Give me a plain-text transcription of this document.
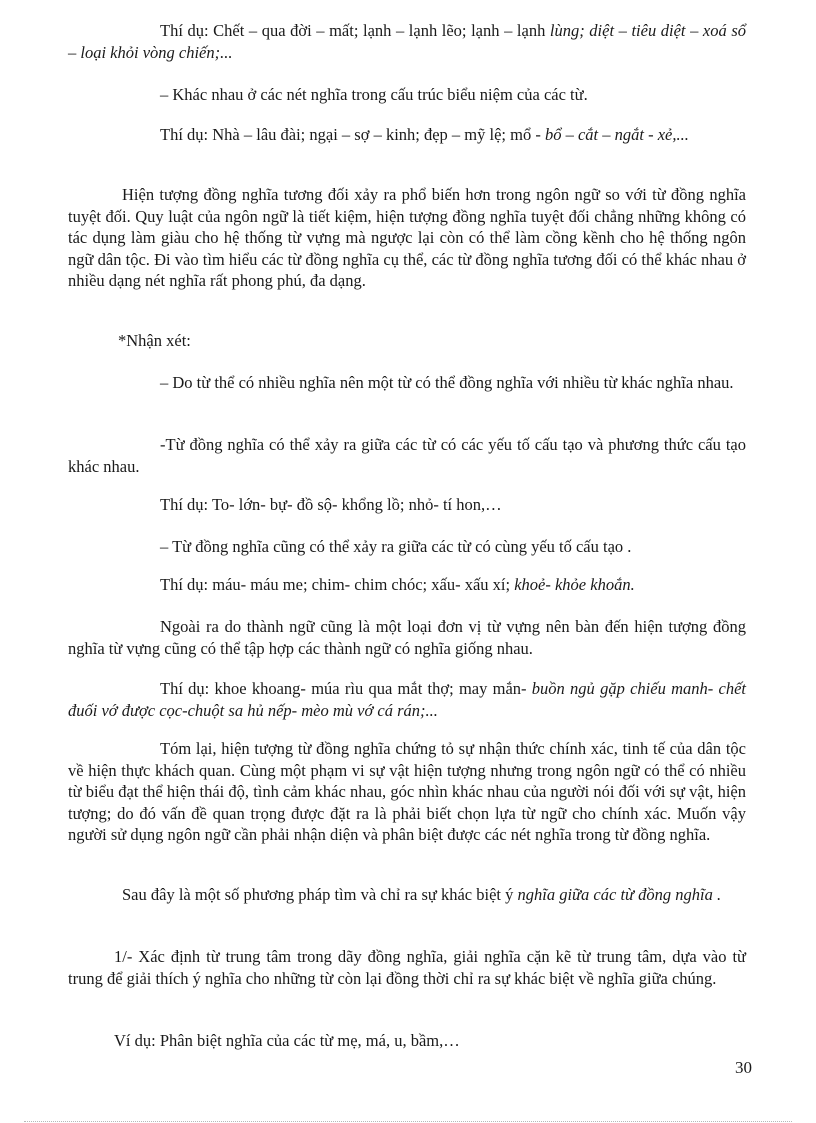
Thí dụ: Chết – qua đời – mất; lạnh – lạnh lẽo; lạnh – lạnh lùng; diệt – tiêu diệt – xoá sổ – loại khỏi vòng chiến;...

– Khác nhau ở các nét nghĩa trong cấu trúc biểu niệm của các từ.

Thí dụ: Nhà – lâu đài; ngại – sợ – kinh; đẹp – mỹ lệ; mổ - bổ – cắt – ngắt - xẻ,...

Hiện tượng đồng nghĩa tương đối xảy ra phổ biến hơn trong ngôn ngữ so với từ đồng nghĩa tuyệt đối. Quy luật của ngôn ngữ là tiết kiệm, hiện tượng đồng nghĩa tuyệt đối chẳng những không có tác dụng làm giàu cho hệ thống từ vựng mà ngược lại còn có thể làm cồng kềnh cho hệ thống ngôn ngữ dân tộc. Đi vào tìm hiểu các từ đồng nghĩa cụ thể, các từ đồng nghĩa tương đối có thể khác nhau ở nhiều dạng nét nghĩa rất phong phú, đa dạng.

*Nhận xét:

– Do từ thể có nhiều nghĩa nên một từ có thể đồng nghĩa với nhiều từ khác nghĩa nhau.

-Từ đồng nghĩa có thể xảy ra giữa các từ có các yếu tố cấu tạo và phương thức cấu tạo khác nhau.

Thí dụ: To- lớn- bự- đồ sộ- khổng lồ; nhỏ- tí hon,…

– Từ đồng nghĩa cũng có thể xảy ra giữa các từ có cùng yếu tố cấu tạo .

Thí dụ: máu- máu me; chim- chim chóc; xấu- xấu xí; khoẻ- khỏe khoắn.

Ngoài ra do thành ngữ cũng là một loại đơn vị từ vựng nên bàn đến hiện tượng đồng nghĩa từ vựng cũng có thể tập hợp các thành ngữ có nghĩa giống nhau.

Thí dụ: khoe khoang- múa rìu qua mắt thợ; may mắn- buồn ngủ gặp chiếu manh- chết đuối vớ được cọc-chuột sa hủ nếp- mèo mù vớ cá rán;...

Tóm lại, hiện tượng từ đồng nghĩa chứng tỏ sự nhận thức chính xác, tinh tế của dân tộc về hiện thực khách quan. Cùng một phạm vi sự vật hiện tượng nhưng trong ngôn ngữ có thể có nhiều từ biểu đạt thể hiện thái độ, tình cảm khác nhau, góc nhìn khác nhau của người nói đối với sự vật, hiện tượng; do đó vấn đề quan trọng được đặt ra là phải biết chọn lựa từ ngữ cho chính xác. Muốn vậy người sử dụng ngôn ngữ cần phải nhận diện và phân biệt được các nét nghĩa trong từ đồng nghĩa.

Sau đây là một số phương pháp tìm và chỉ ra sự khác biệt ý nghĩa giữa các từ đồng nghĩa .

1/- Xác định từ trung tâm trong dãy đồng nghĩa, giải nghĩa cặn kẽ từ trung tâm, dựa vào từ trung để giải thích ý nghĩa cho những từ còn lại đồng thời chỉ ra sự khác biệt về nghĩa giữa chúng.

Ví dụ: Phân biệt nghĩa của các từ mẹ, má, u, bầm,…

30
